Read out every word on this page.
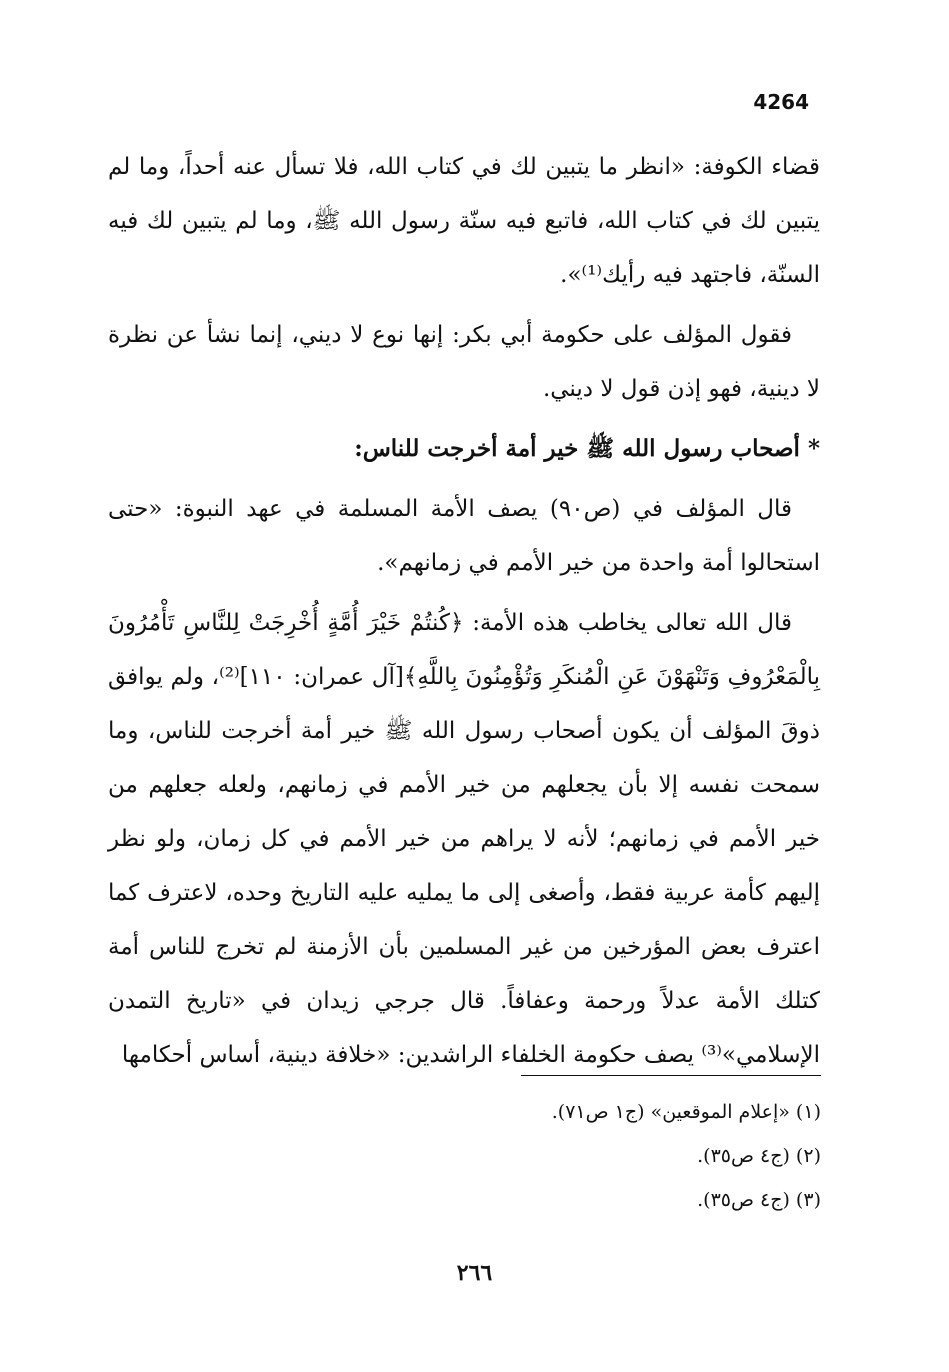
4264

قضاء الكوفة: «انظر ما يتبين لك في كتاب الله، فلا تسأل عنه أحداً، وما لم يتبين لك في كتاب الله، فاتبع فيه سنّة رسول الله ﷺ، وما لم يتبين لك فيه السنّة، فاجتهد فيه رأيك⁽¹⁾».

فقول المؤلف على حكومة أبي بكر: إنها نوع لا ديني، إنما نشأ عن نظرة لا دينية، فهو إذن قول لا ديني.

* أصحاب رسول الله ﷺ خير أمة أخرجت للناس:

قال المؤلف في (ص٩٠) يصف الأمة المسلمة في عهد النبوة: «حتى استحالوا أمة واحدة من خير الأمم في زمانهم».

قال الله تعالى يخاطب هذه الأمة: ﴿كُنتُمْ خَيْرَ أُمَّةٍ أُخْرِجَتْ لِلنَّاسِ تَأْمُرُونَ بِالْمَعْرُوفِ وَتَنْهَوْنَ عَنِ الْمُنكَرِ وَتُؤْمِنُونَ بِاللَّهِ﴾[آل عمران: ١١٠]⁽²⁾، ولم يوافق ذوقَ المؤلف أن يكون أصحاب رسول الله ﷺ خير أمة أخرجت للناس، وما سمحت نفسه إلا بأن يجعلهم من خير الأمم في زمانهم، ولعله جعلهم من خير الأمم في زمانهم؛ لأنه لا يراهم من خير الأمم في كل زمان، ولو نظر إليهم كأمة عربية فقط، وأصغى إلى ما يمليه عليه التاريخ وحده، لاعترف كما اعترف بعض المؤرخين من غير المسلمين بأن الأزمنة لم تخرج للناس أمة كتلك الأمة عدلاً ورحمة وعفافاً. قال جرجي زيدان في «تاريخ التمدن الإسلامي»⁽³⁾ يصف حكومة الخلفاء الراشدين: «خلافة دينية، أساس أحكامها

(١) «إعلام الموقعين» (ج١ ص٧١).
(٢) (ج٤ ص٣٥).
(٣) (ج٤ ص٣٥).
٢٦٦
